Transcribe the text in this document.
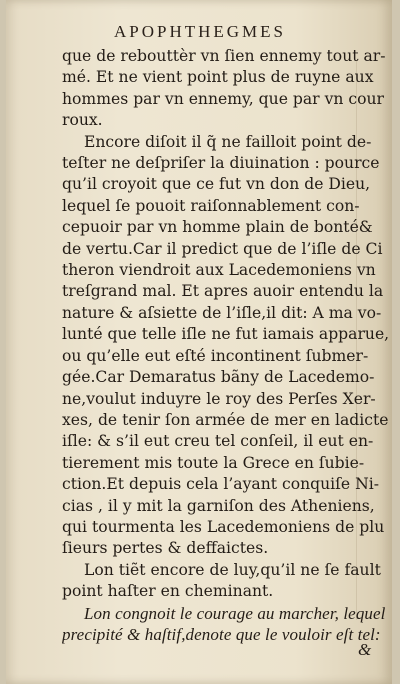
APOPHTHEGMES
que de rebouttèr vn ſien ennemy tout ar-
mé. Et ne vient point plus de ruyne aux
hommes par vn ennemy, que par vn cour
roux.
Encore diſoit il q̃ ne failloit point de-
teſter ne deſpriſer la diuination : pource
qu’il croyoit que ce fut vn don de Dieu,
lequel ſe pouoit raiſonnablement con-
cepuoir par vn homme plain de bonté&
de vertu.Car il predict que de l’iſle de Ci
theron viendroit aux Lacedemoniens vn
treſgrand mal. Et apres auoir entendu la
nature & aſsiette de l’iſle,il dit: A ma vo-
lunté que telle iſle ne fut iamais apparue,
ou qu’elle eut eſté incontinent ſubmer-
gée.Car Demaratus bãny de Lacedemo-
ne,voulut induyre le roy des Perſes Xer-
xes, de tenir ſon armée de mer en ladicte
iſle: & s’il eut creu tel conſeil, il eut en-
tierement mis toute la Grece en ſubie-
ction.Et depuis cela l’ayant conquiſe Ni-
cias , il y mit la garniſon des Atheniens,
qui tourmenta les Lacedemoniens de plu
ſieurs pertes & deffaictes.
Lon tiẽt encore de luy,qu’il ne ſe fault
point haſter en cheminant.
Lon congnoit le courage au marcher, lequel
precipité & haſtif,denote que le vouloir eſt tel:
&
